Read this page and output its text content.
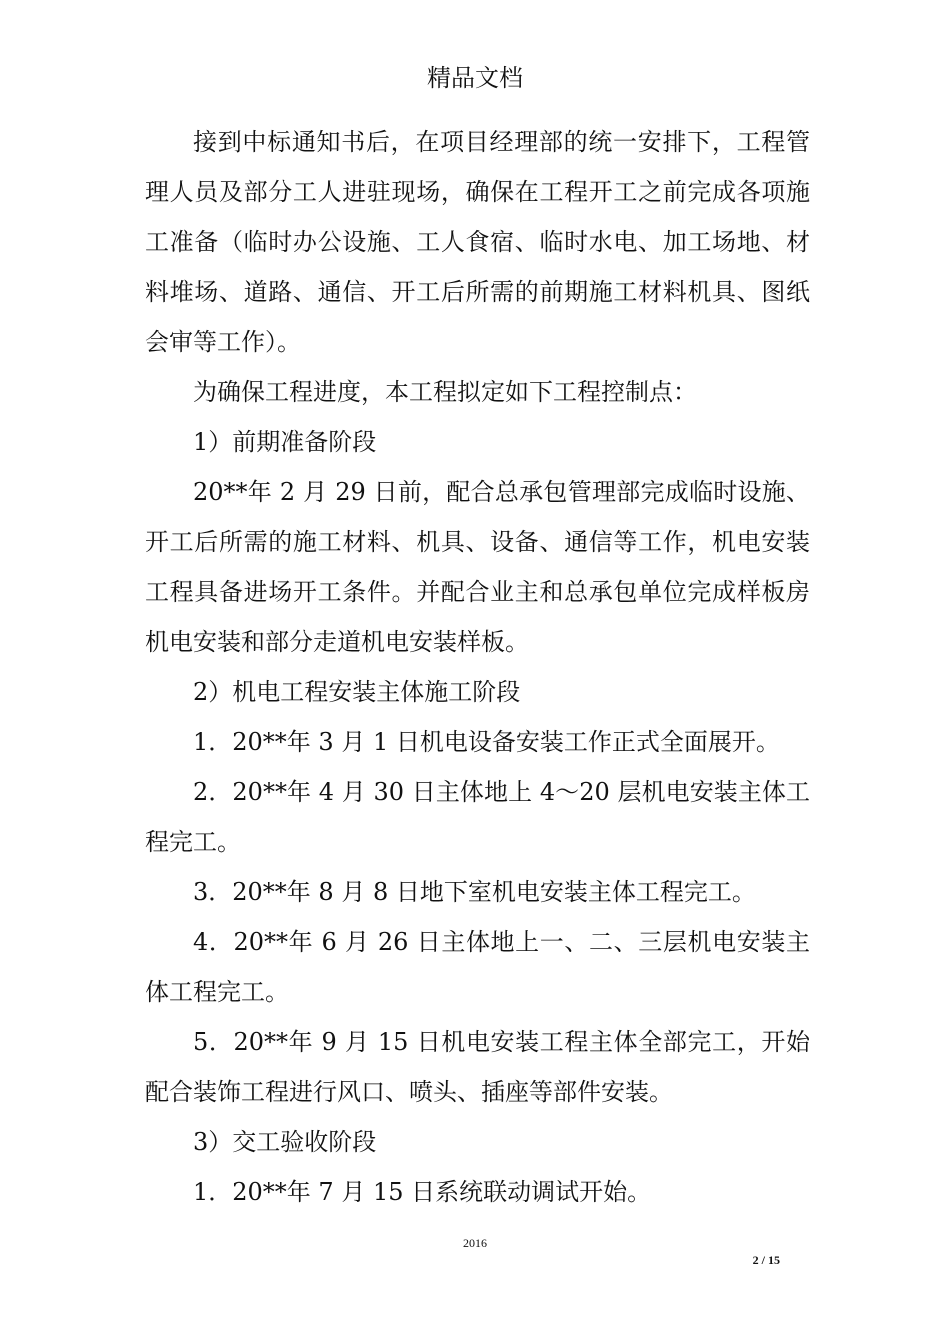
精品文档

接到中标通知书后，在项目经理部的统一安排下，工程管理人员及部分工人进驻现场，确保在工程开工之前完成各项施工准备（临时办公设施、工人食宿、临时水电、加工场地、材料堆场、道路、通信、开工后所需的前期施工材料机具、图纸会审等工作）。

为确保工程进度，本工程拟定如下工程控制点：

1）前期准备阶段

20**年 2 月 29 日前，配合总承包管理部完成临时设施、开工后所需的施工材料、机具、设备、通信等工作，机电安装工程具备进场开工条件。并配合业主和总承包单位完成样板房机电安装和部分走道机电安装样板。

2）机电工程安装主体施工阶段

1．20**年 3 月 1 日机电设备安装工作正式全面展开。

2．20**年 4 月 30 日主体地上 4～20 层机电安装主体工程完工。

3．20**年 8 月 8 日地下室机电安装主体工程完工。

4．20**年 6 月 26 日主体地上一、二、三层机电安装主体工程完工。

5．20**年 9 月 15 日机电安装工程主体全部完工，开始配合装饰工程进行风口、喷头、插座等部件安装。

3）交工验收阶段

1．20**年 7 月 15 日系统联动调试开始。

2016
2 / 15
